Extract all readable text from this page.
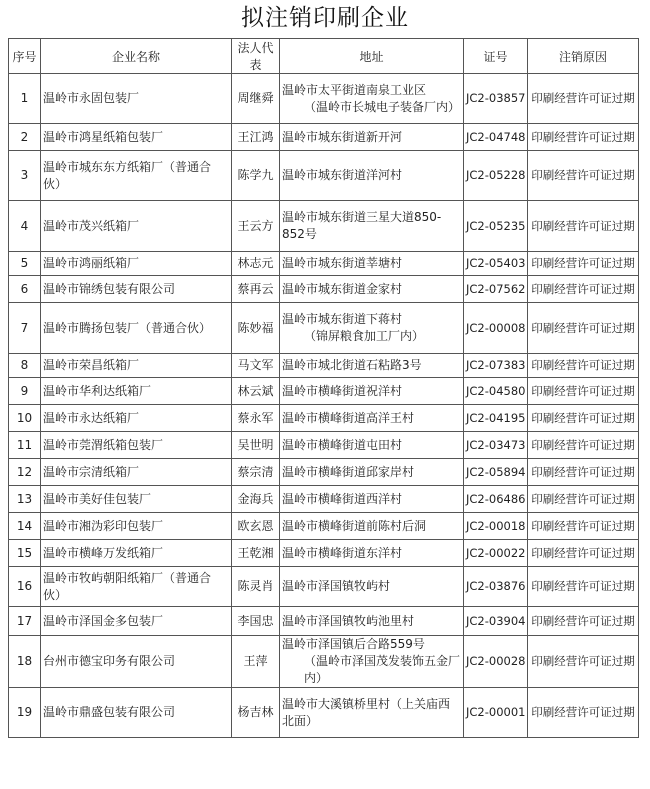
拟注销印刷企业
序号	企业名称	法人代表	地址	证号	注销原因

1	温岭市永固包装厂	周继舜	温岭市太平街道南泉工业区
（温岭市长城电子装备厂内）	JC2-03857	印刷经营许可证过期

2	温岭市鸿星纸箱包装厂	王江鸿	温岭市城东街道新开河	JC2-04748	印刷经营许可证过期

3	温岭市城东东方纸箱厂（普通合伙）	陈学九	温岭市城东街道洋河村	JC2-05228	印刷经营许可证过期

4	温岭市茂兴纸箱厂	王云方	温岭市城东街道三星大道850-852号	JC2-05235	印刷经营许可证过期

5	温岭市鸿丽纸箱厂	林志元	温岭市城东街道莘塘村	JC2-05403	印刷经营许可证过期

6	温岭市锦绣包装有限公司	蔡再云	温岭市城东街道金家村	JC2-07562	印刷经营许可证过期

7	温岭市腾扬包装厂（普通合伙）	陈妙福	温岭市城东街道下蒋村
（锦屏粮食加工厂内）	JC2-00008	印刷经营许可证过期

8	温岭市荣昌纸箱厂	马文军	温岭市城北街道石粘路3号	JC2-07383	印刷经营许可证过期

9	温岭市华利达纸箱厂	林云斌	温岭市横峰街道祝洋村	JC2-04580	印刷经营许可证过期

10	温岭市永达纸箱厂	蔡永军	温岭市横峰街道高洋王村	JC2-04195	印刷经营许可证过期

11	温岭市莞渭纸箱包装厂	吴世明	温岭市横峰街道屯田村	JC2-03473	印刷经营许可证过期

12	温岭市宗清纸箱厂	蔡宗清	温岭市横峰街道邱家岸村	JC2-05894	印刷经营许可证过期

13	温岭市美好佳包装厂	金海兵	温岭市横峰街道西洋村	JC2-06486	印刷经营许可证过期

14	温岭市湘沩彩印包装厂	欧玄恩	温岭市横峰街道前陈村后洞	JC2-00018	印刷经营许可证过期

15	温岭市横峰万发纸箱厂	王乾湘	温岭市横峰街道东洋村	JC2-00022	印刷经营许可证过期

16	温岭市牧屿朝阳纸箱厂（普通合伙）	陈灵肖	温岭市泽国镇牧屿村	JC2-03876	印刷经营许可证过期

17	温岭市泽国金多包装厂	李国忠	温岭市泽国镇牧屿池里村	JC2-03904	印刷经营许可证过期

18	台州市德宝印务有限公司	王萍	温岭市泽国镇后合路559号
（温岭市泽国茂发装饰五金厂内）	JC2-00028	印刷经营许可证过期

19	温岭市鼎盛包装有限公司	杨吉林	温岭市大溪镇桥里村（上关庙西北面）	JC2-00001	印刷经营许可证过期
